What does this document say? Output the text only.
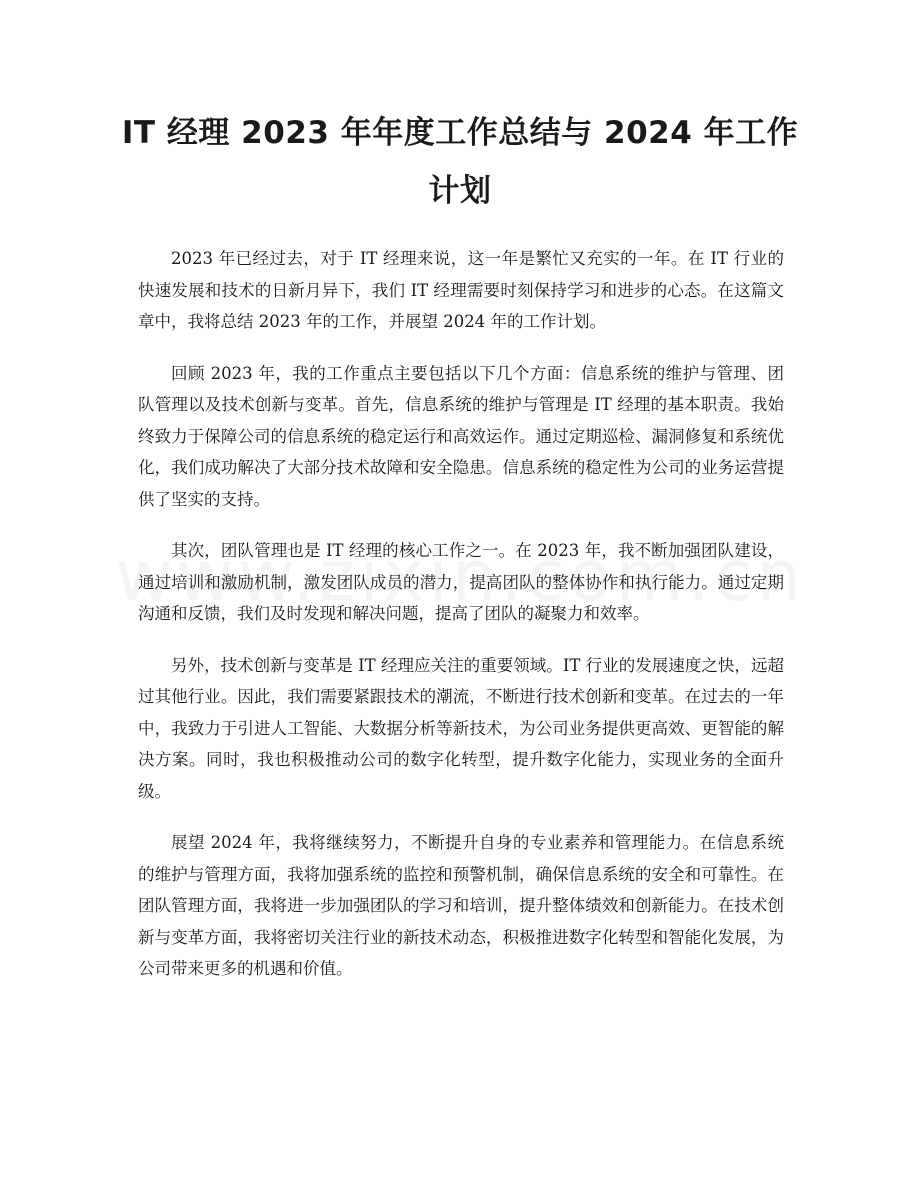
IT 经理 2023 年年度工作总结与 2024 年工作计划

2023 年已经过去，对于 IT 经理来说，这一年是繁忙又充实的一年。在 IT 行业的快速发展和技术的日新月异下，我们 IT 经理需要时刻保持学习和进步的心态。在这篇文章中，我将总结 2023 年的工作，并展望 2024 年的工作计划。

回顾 2023 年，我的工作重点主要包括以下几个方面：信息系统的维护与管理、团队管理以及技术创新与变革。首先，信息系统的维护与管理是 IT 经理的基本职责。我始终致力于保障公司的信息系统的稳定运行和高效运作。通过定期巡检、漏洞修复和系统优化，我们成功解决了大部分技术故障和安全隐患。信息系统的稳定性为公司的业务运营提供了坚实的支持。

其次，团队管理也是 IT 经理的核心工作之一。在 2023 年，我不断加强团队建设，通过培训和激励机制，激发团队成员的潜力，提高团队的整体协作和执行能力。通过定期沟通和反馈，我们及时发现和解决问题，提高了团队的凝聚力和效率。

另外，技术创新与变革是 IT 经理应关注的重要领域。IT 行业的发展速度之快，远超过其他行业。因此，我们需要紧跟技术的潮流，不断进行技术创新和变革。在过去的一年中，我致力于引进人工智能、大数据分析等新技术，为公司业务提供更高效、更智能的解决方案。同时，我也积极推动公司的数字化转型，提升数字化能力，实现业务的全面升级。

展望 2024 年，我将继续努力，不断提升自身的专业素养和管理能力。在信息系统的维护与管理方面，我将加强系统的监控和预警机制，确保信息系统的安全和可靠性。在团队管理方面，我将进一步加强团队的学习和培训，提升整体绩效和创新能力。在技术创新与变革方面，我将密切关注行业的新技术动态，积极推进数字化转型和智能化发展，为公司带来更多的机遇和价值。
